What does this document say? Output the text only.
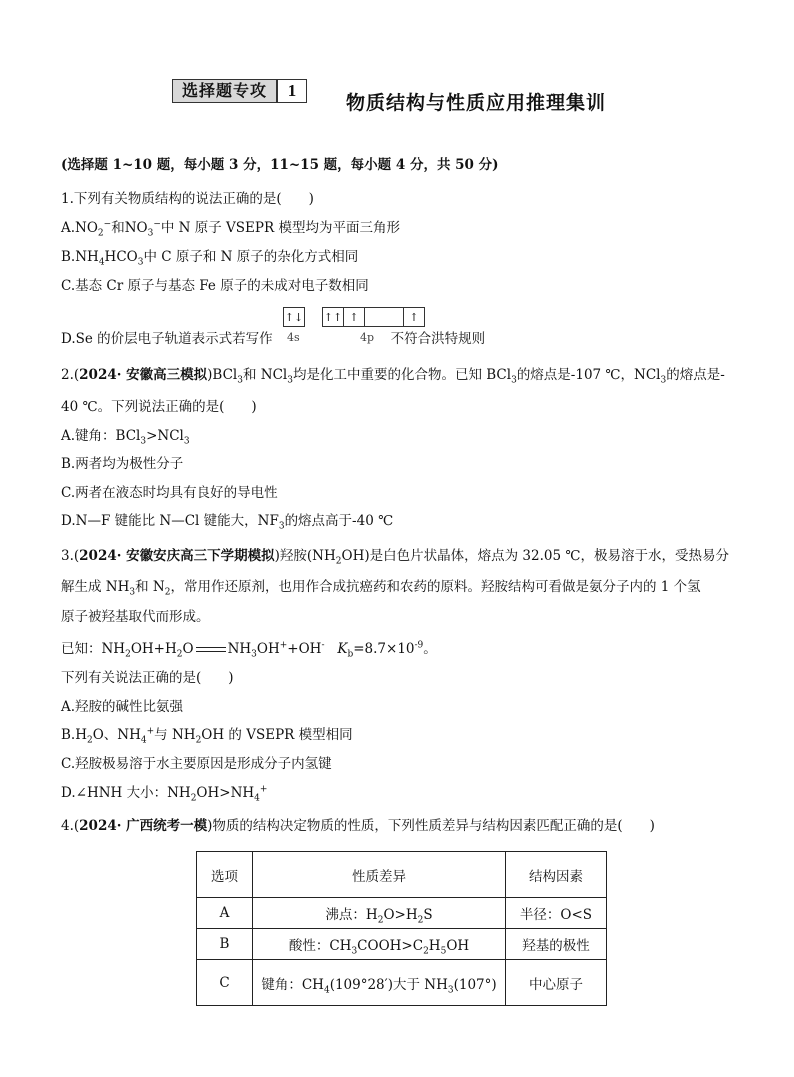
选择题专攻	1
物质结构与性质应用推理集训
(选择题 1~10 题，每小题 3 分，11~15 题，每小题 4 分，共 50 分)
1.下列有关物质结构的说法正确的是(　　)
$A.NO_2^-$和$NO_3^-$中 N 原子 VSEPR 模型均为平面三角形
$B.NH_4HCO_3$中 C 原子和 N 原子的杂化方式相同
C.基态 Cr 原子与基态 Fe 原子的未成对电子数相同
↑↓
4s
↑↑ ↑	↑
4p
D.Se 的价层电子轨道表示式若写作	不符合洪特规则
2.(2024· 安徽高三模拟)BCl$_3$和 NCl$_3$均是化工中重要的化合物。已知 BCl$_3$的熔点是-107 ℃，NCl$_3$的熔点是-
40 ℃。下列说法正确的是(　　)
A.键角：BCl$_3$>NCl$_3$
B.两者均为极性分子
C.两者在液态时均具有良好的导电性
D.N—F 键能比 N—Cl 键能大，$NF_3$的熔点高于-40 ℃
3.(2024· 安徽安庆高三下学期模拟)羟胺$(NH_2OH)$是白色片状晶体，熔点为 32.05 ℃，极易溶于水，受热易分
解生成 $NH_3$和 $N_2$，常用作还原剂，也用作合成抗癌药和农药的原料。羟胺结构可看做是氨分子内的 1 个氢
原子被羟基取代而形成。
已知：$NH_2OH+H_2O$	$NH_3OH^++OH^-$ $K_b=8.7\times 10^{-9}$。
下列有关说法正确的是(　　)
A.羟胺的碱性比氨强
$B.H_2O$、$NH_4^+$与 $NH_2OH$ 的 VSEPR 模型相同
C.羟胺极易溶于水主要原因是形成分子内氢键
D.∠HNH 大小：$NH_2OH>NH_4^+$
4.(2024· 广西统考一模)物质的结构决定物质的性质，下列性质差异与结构因素匹配正确的是(　　)
选项	性质差异	结构因素
A	沸点：$H_2O>H_2S$	半径：O<S
B	酸性：$CH_3COOH>C_2H_5OH$	羟基的极性
C	键角：$CH_4(109^\circ 28')$大于 $NH_3(107^\circ)$	中心原子
